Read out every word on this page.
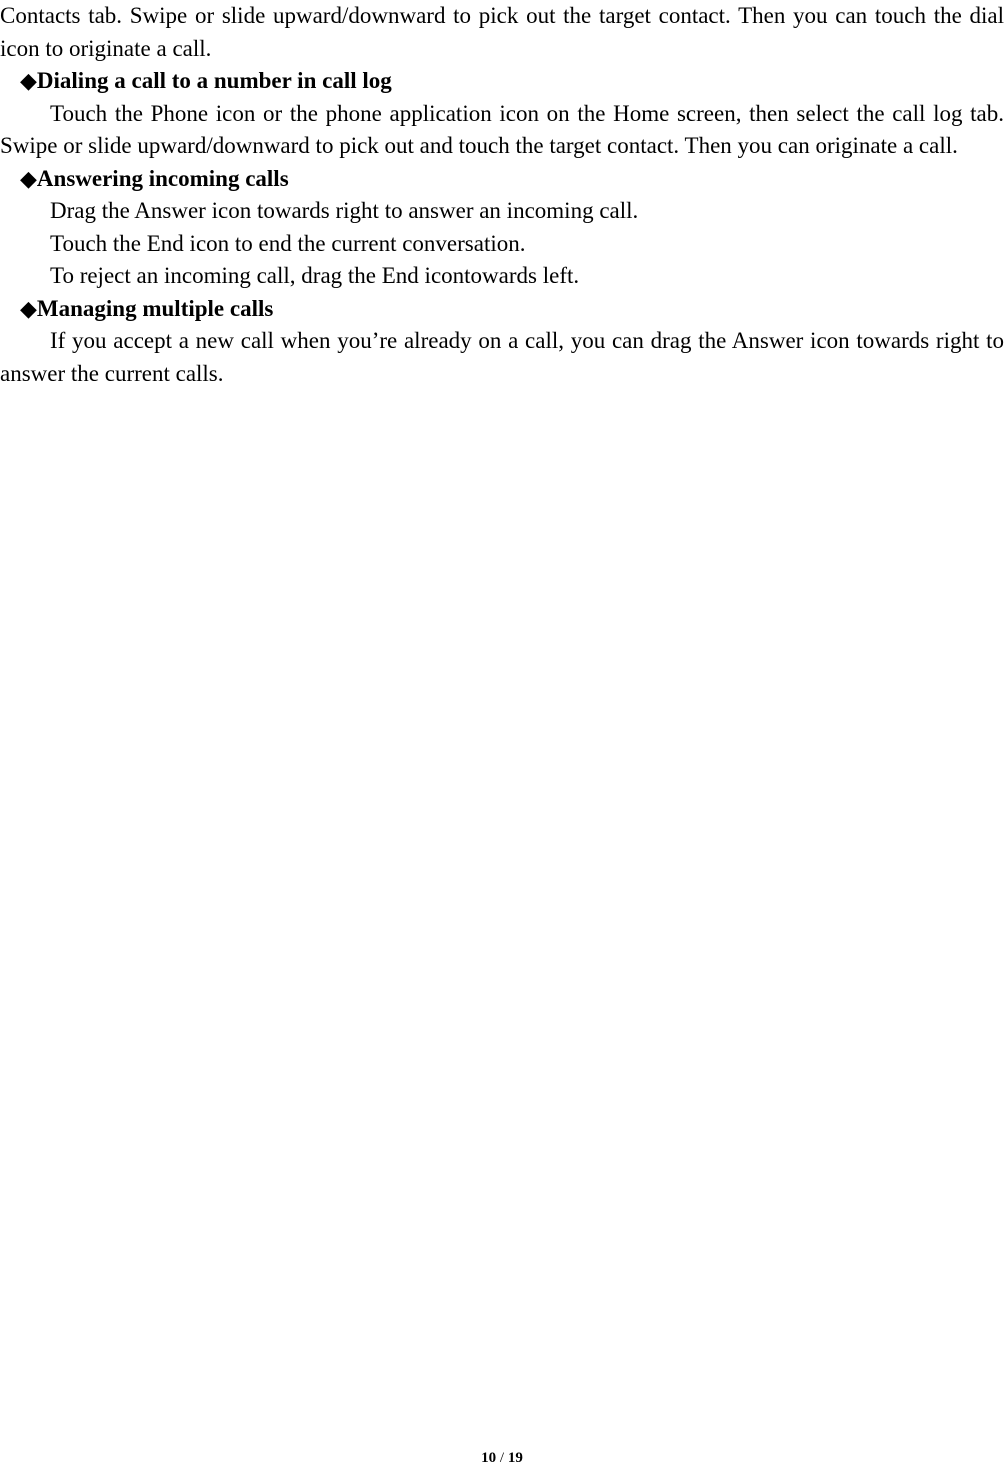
Contacts tab. Swipe or slide upward/downward to pick out the target contact. Then you can touch the dial icon to originate a call.

◆Dialing a call to a number in call log

Touch the Phone icon or the phone application icon on the Home screen, then select the call log tab. Swipe or slide upward/downward to pick out and touch the target contact. Then you can originate a call.

◆Answering incoming calls

Drag the Answer icon towards right to answer an incoming call.

Touch the End icon to end the current conversation.

To reject an incoming call, drag the End icontowards left.

◆Managing multiple calls

If you accept a new call when you’re already on a call, you can drag the Answer icon towards right to answer the current calls.

10 / 19
